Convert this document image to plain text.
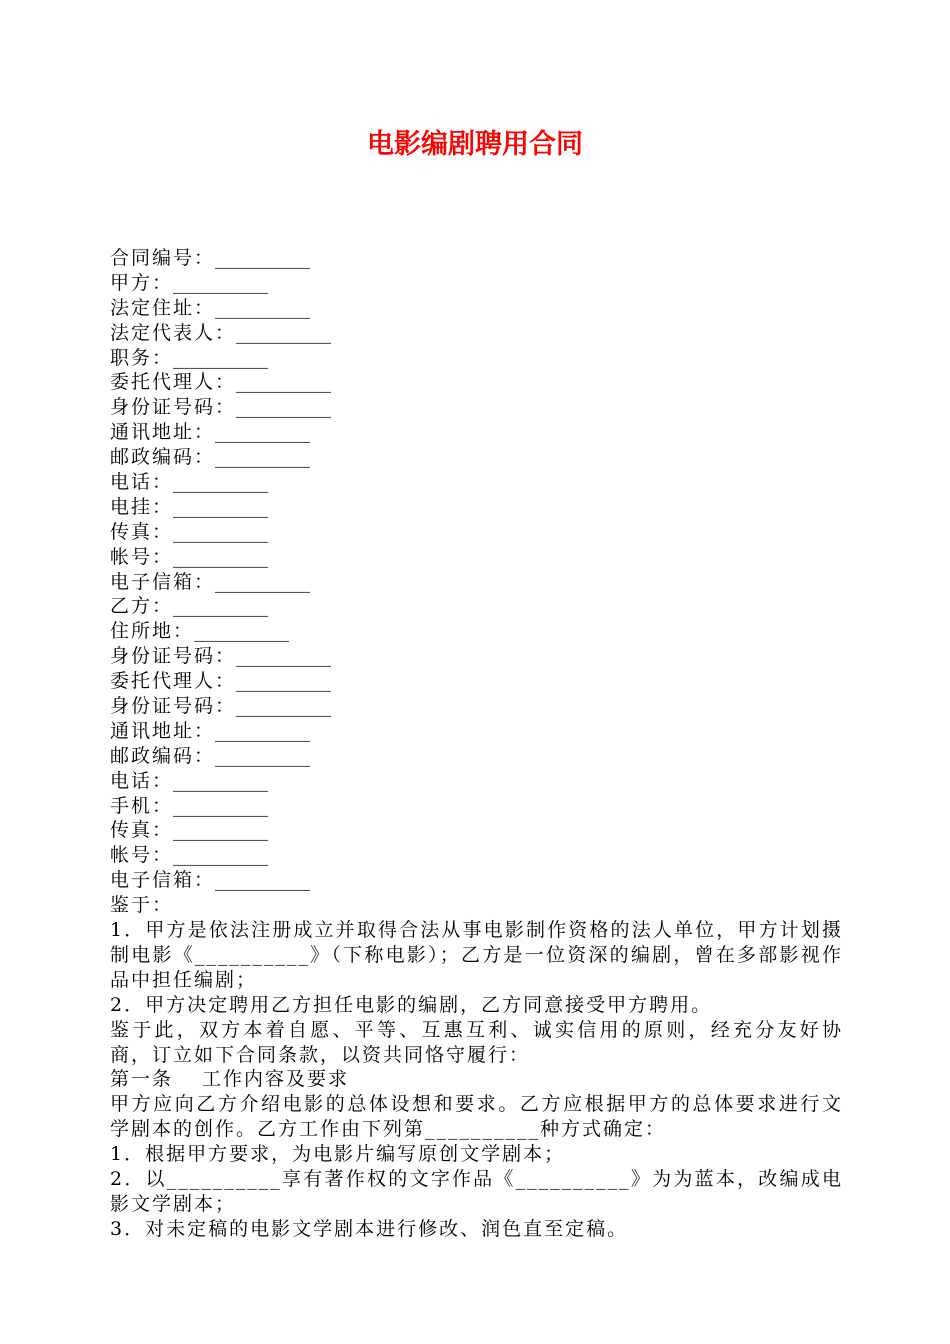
电影编剧聘用合同
合同编号：__________
甲方：__________
法定住址：__________
法定代表人：__________
职务：__________
委托代理人：__________
身份证号码：__________
通讯地址：__________
邮政编码：__________
电话：__________
电挂：__________
传真：__________
帐号：__________
电子信箱：__________
乙方：__________
住所地：__________
身份证号码：__________
委托代理人：__________
身份证号码：__________
通讯地址：__________
邮政编码：__________
电话：__________
手机：__________
传真：__________
帐号：__________
电子信箱：__________
鉴于：
1．甲方是依法注册成立并取得合法从事电影制作资格的法人单位，甲方计划摄制电影《__________》（下称电影）；乙方是一位资深的编剧，曾在多部影视作品中担任编剧；
2．甲方决定聘用乙方担任电影的编剧，乙方同意接受甲方聘用。
鉴于此，双方本着自愿、平等、互惠互利、诚实信用的原则，经充分友好协商，订立如下合同条款，以资共同恪守履行：
第一条　 工作内容及要求
甲方应向乙方介绍电影的总体设想和要求。乙方应根据甲方的总体要求进行文学剧本的创作。乙方工作由下列第__________种方式确定：
1．根据甲方要求，为电影片编写原创文学剧本；
2．以__________享有著作权的文字作品《__________》为为蓝本，改编成电影文学剧本；
3．对未定稿的电影文学剧本进行修改、润色直至定稿。
